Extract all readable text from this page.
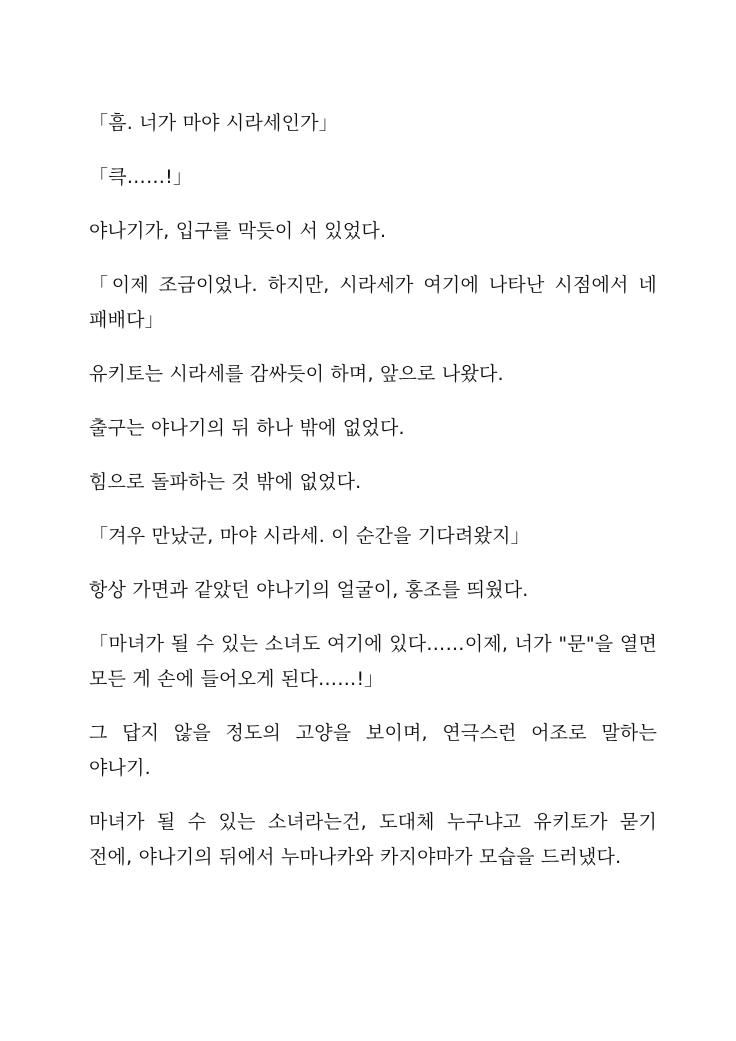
「흠. 너가 마야 시라세인가」

「큭……!」

야나기가, 입구를 막듯이 서 있었다.

「이제 조금이었나. 하지만, 시라세가 여기에 나타난 시점에서 네 패배다」

유키토는 시라세를 감싸듯이 하며, 앞으로 나왔다.

출구는 야나기의 뒤 하나 밖에 없었다.

힘으로 돌파하는 것 밖에 없었다.

「겨우 만났군, 마야 시라세. 이 순간을 기다려왔지」

항상 가면과 같았던 야나기의 얼굴이, 홍조를 띄웠다.

「마녀가 될 수 있는 소녀도 여기에 있다……이제, 너가 "문"을 열면 모든 게 손에 들어오게 된다……!」

그 답지 않을 정도의 고양을 보이며, 연극스런 어조로 말하는 야나기.

마녀가 될 수 있는 소녀라는건, 도대체 누구냐고 유키토가 묻기 전에, 야나기의 뒤에서 누마나카와 카지야마가 모습을 드러냈다.
